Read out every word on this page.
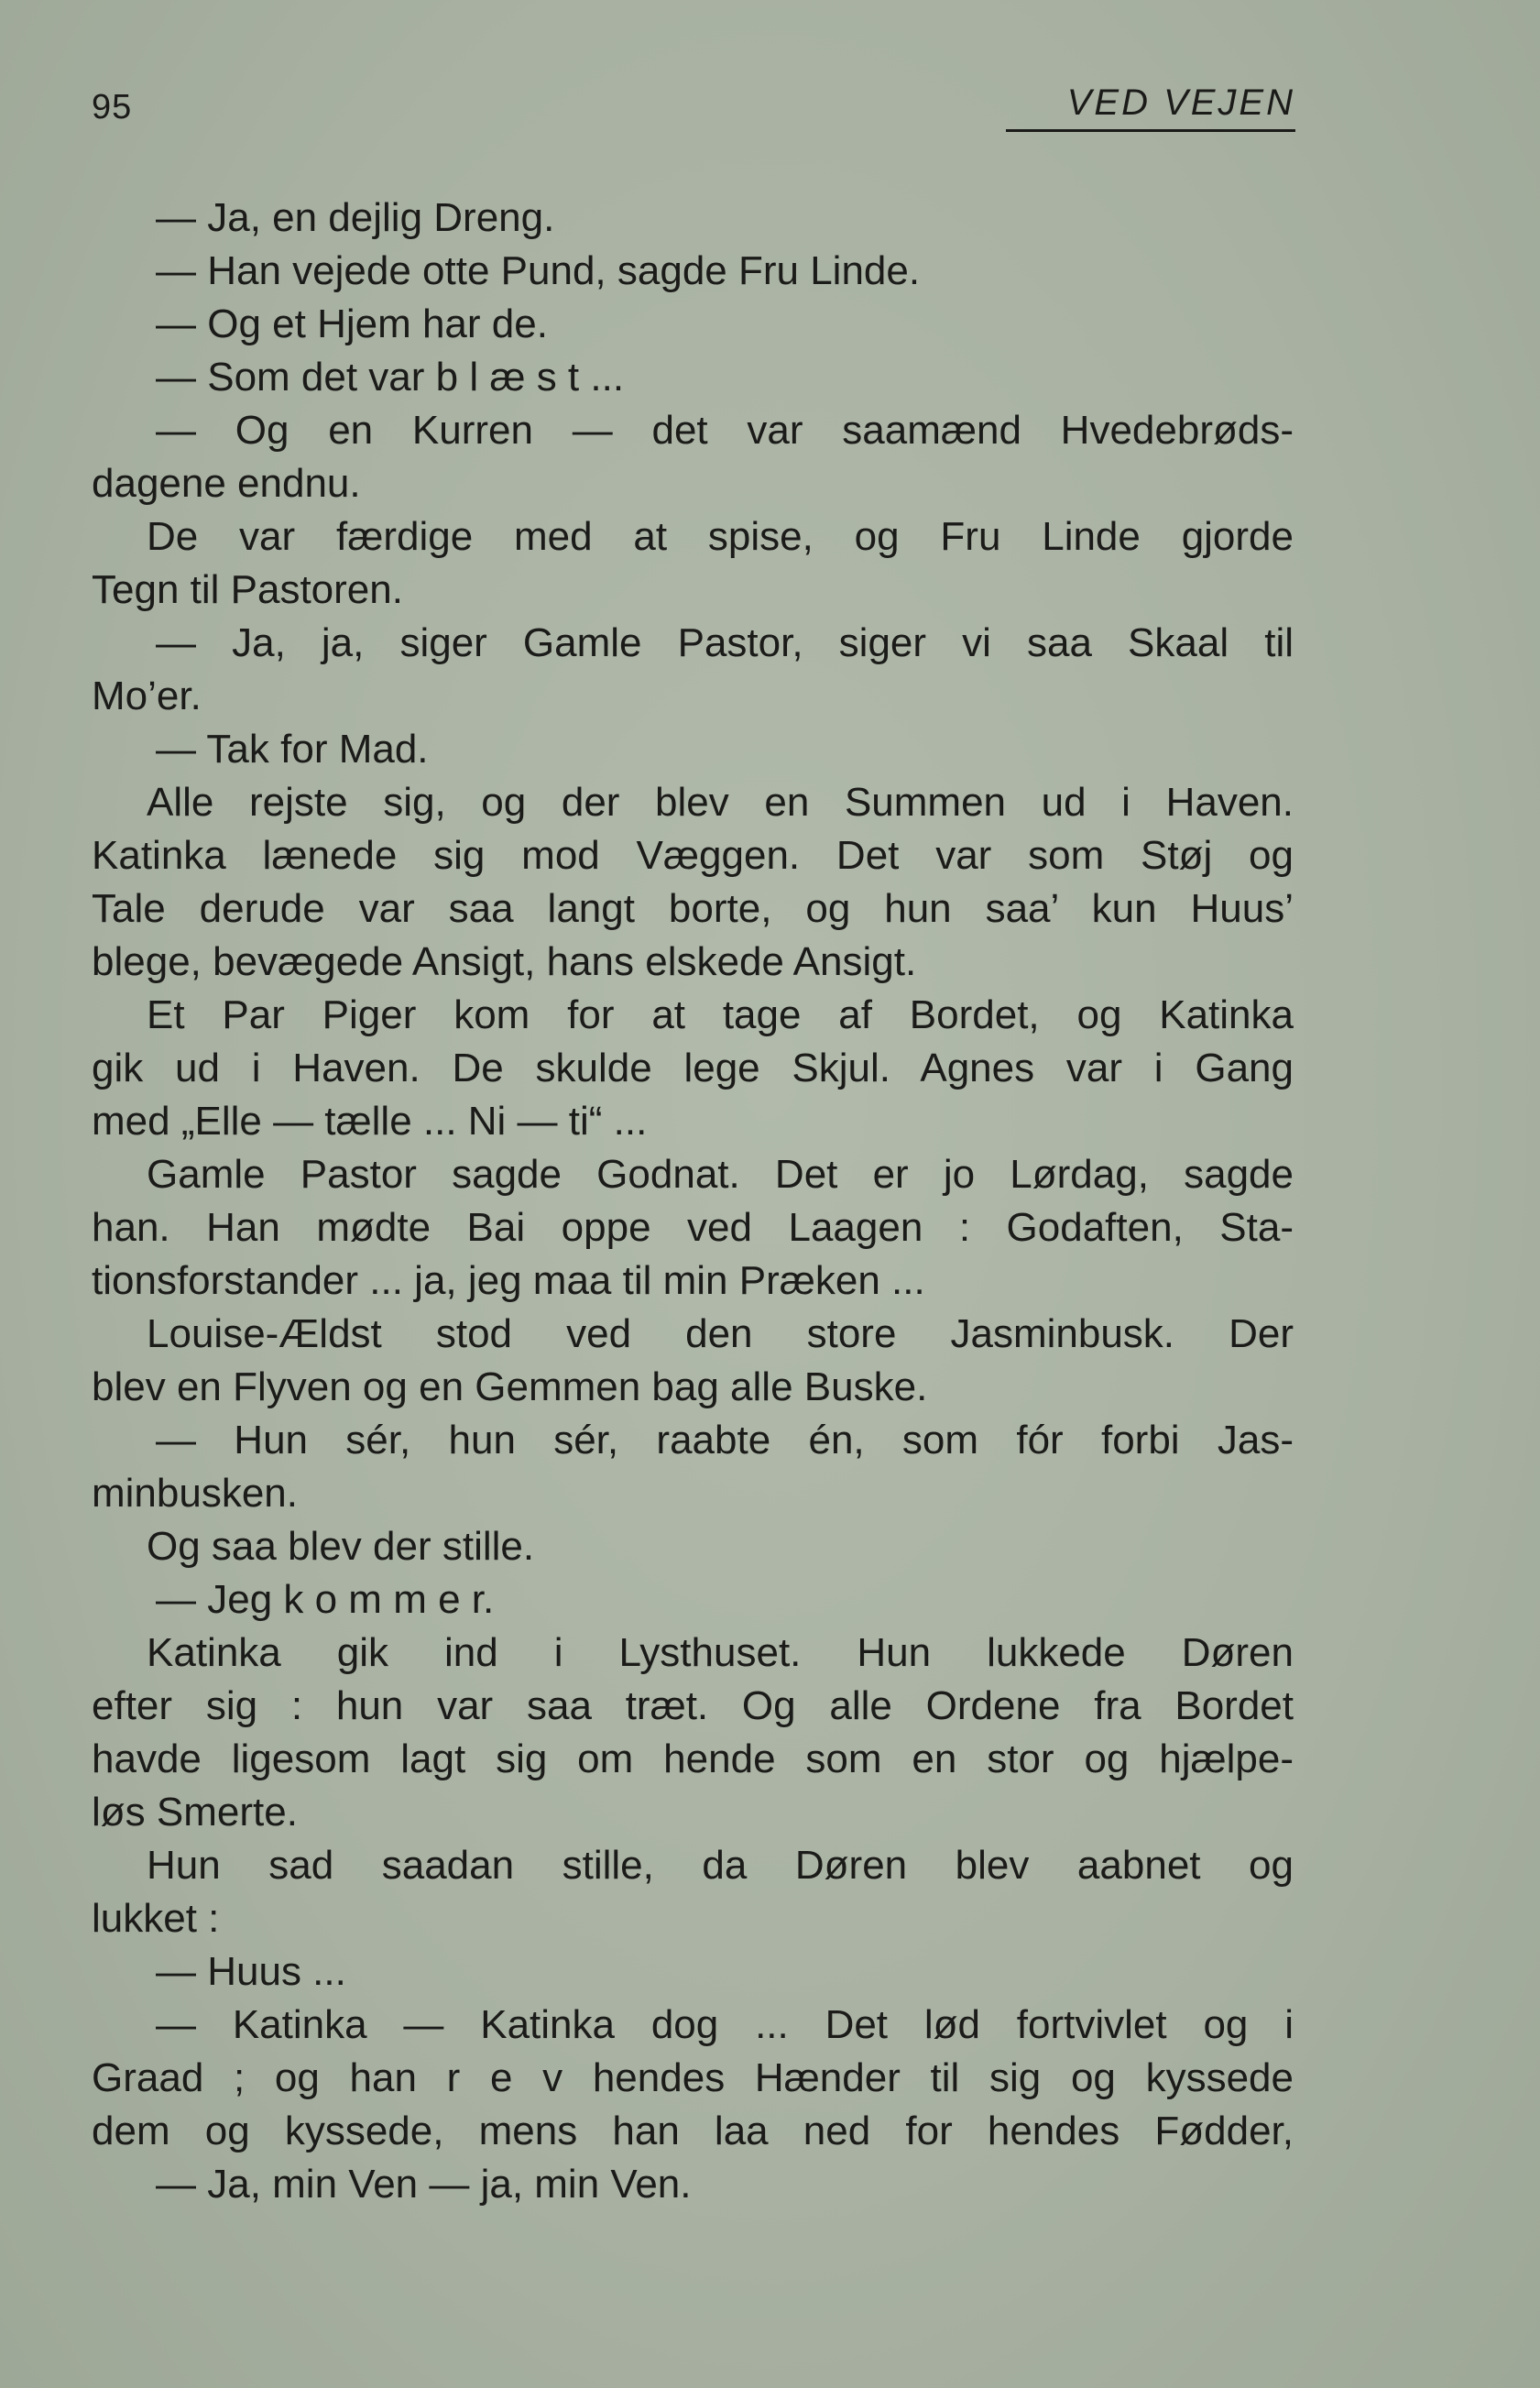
95	VED VEJEN
— Ja, en dejlig Dreng.
— Han vejede otte Pund, sagde Fru Linde.
— Og et Hjem har de.
— Som det var b l æ s t ...
— Og en Kurren — det var saamænd Hvedebrøds-
dagene endnu.
De var færdige med at spise, og Fru Linde gjorde
Tegn til Pastoren.
— Ja, ja, siger Gamle Pastor, siger vi saa Skaal til
Mo’er.
— Tak for Mad.
Alle rejste sig, og der blev en Summen ud i Haven.
Katinka lænede sig mod Væggen. Det var som Støj og
Tale derude var saa langt borte, og hun saa’ kun Huus’
blege, bevægede Ansigt, hans elskede Ansigt.
Et Par Piger kom for at tage af Bordet, og Katinka
gik ud i Haven. De skulde lege Skjul. Agnes var i Gang
med „Elle — tælle ... Ni — ti“ ...
Gamle Pastor sagde Godnat. Det er jo Lørdag, sagde
han. Han mødte Bai oppe ved Laagen : Godaften, Sta-
tionsforstander ... ja, jeg maa til min Præken ...
Louise-Ældst stod ved den store Jasminbusk. Der
blev en Flyven og en Gemmen bag alle Buske.
— Hun sér, hun sér, raabte én, som fór forbi Jas-
minbusken.
Og saa blev der stille.
— Jeg k o m m e r.
Katinka gik ind i Lysthuset. Hun lukkede Døren
efter sig : hun var saa træt. Og alle Ordene fra Bordet
havde ligesom lagt sig om hende som en stor og hjælpe-
løs Smerte.
Hun sad saadan stille, da Døren blev aabnet og
lukket :
— Huus ...
— Katinka — Katinka dog ... Det lød fortvivlet og i
Graad ; og han r e v hendes Hænder til sig og kyssede
dem og kyssede, mens han laa ned for hendes Fødder,
— Ja, min Ven — ja, min Ven.
